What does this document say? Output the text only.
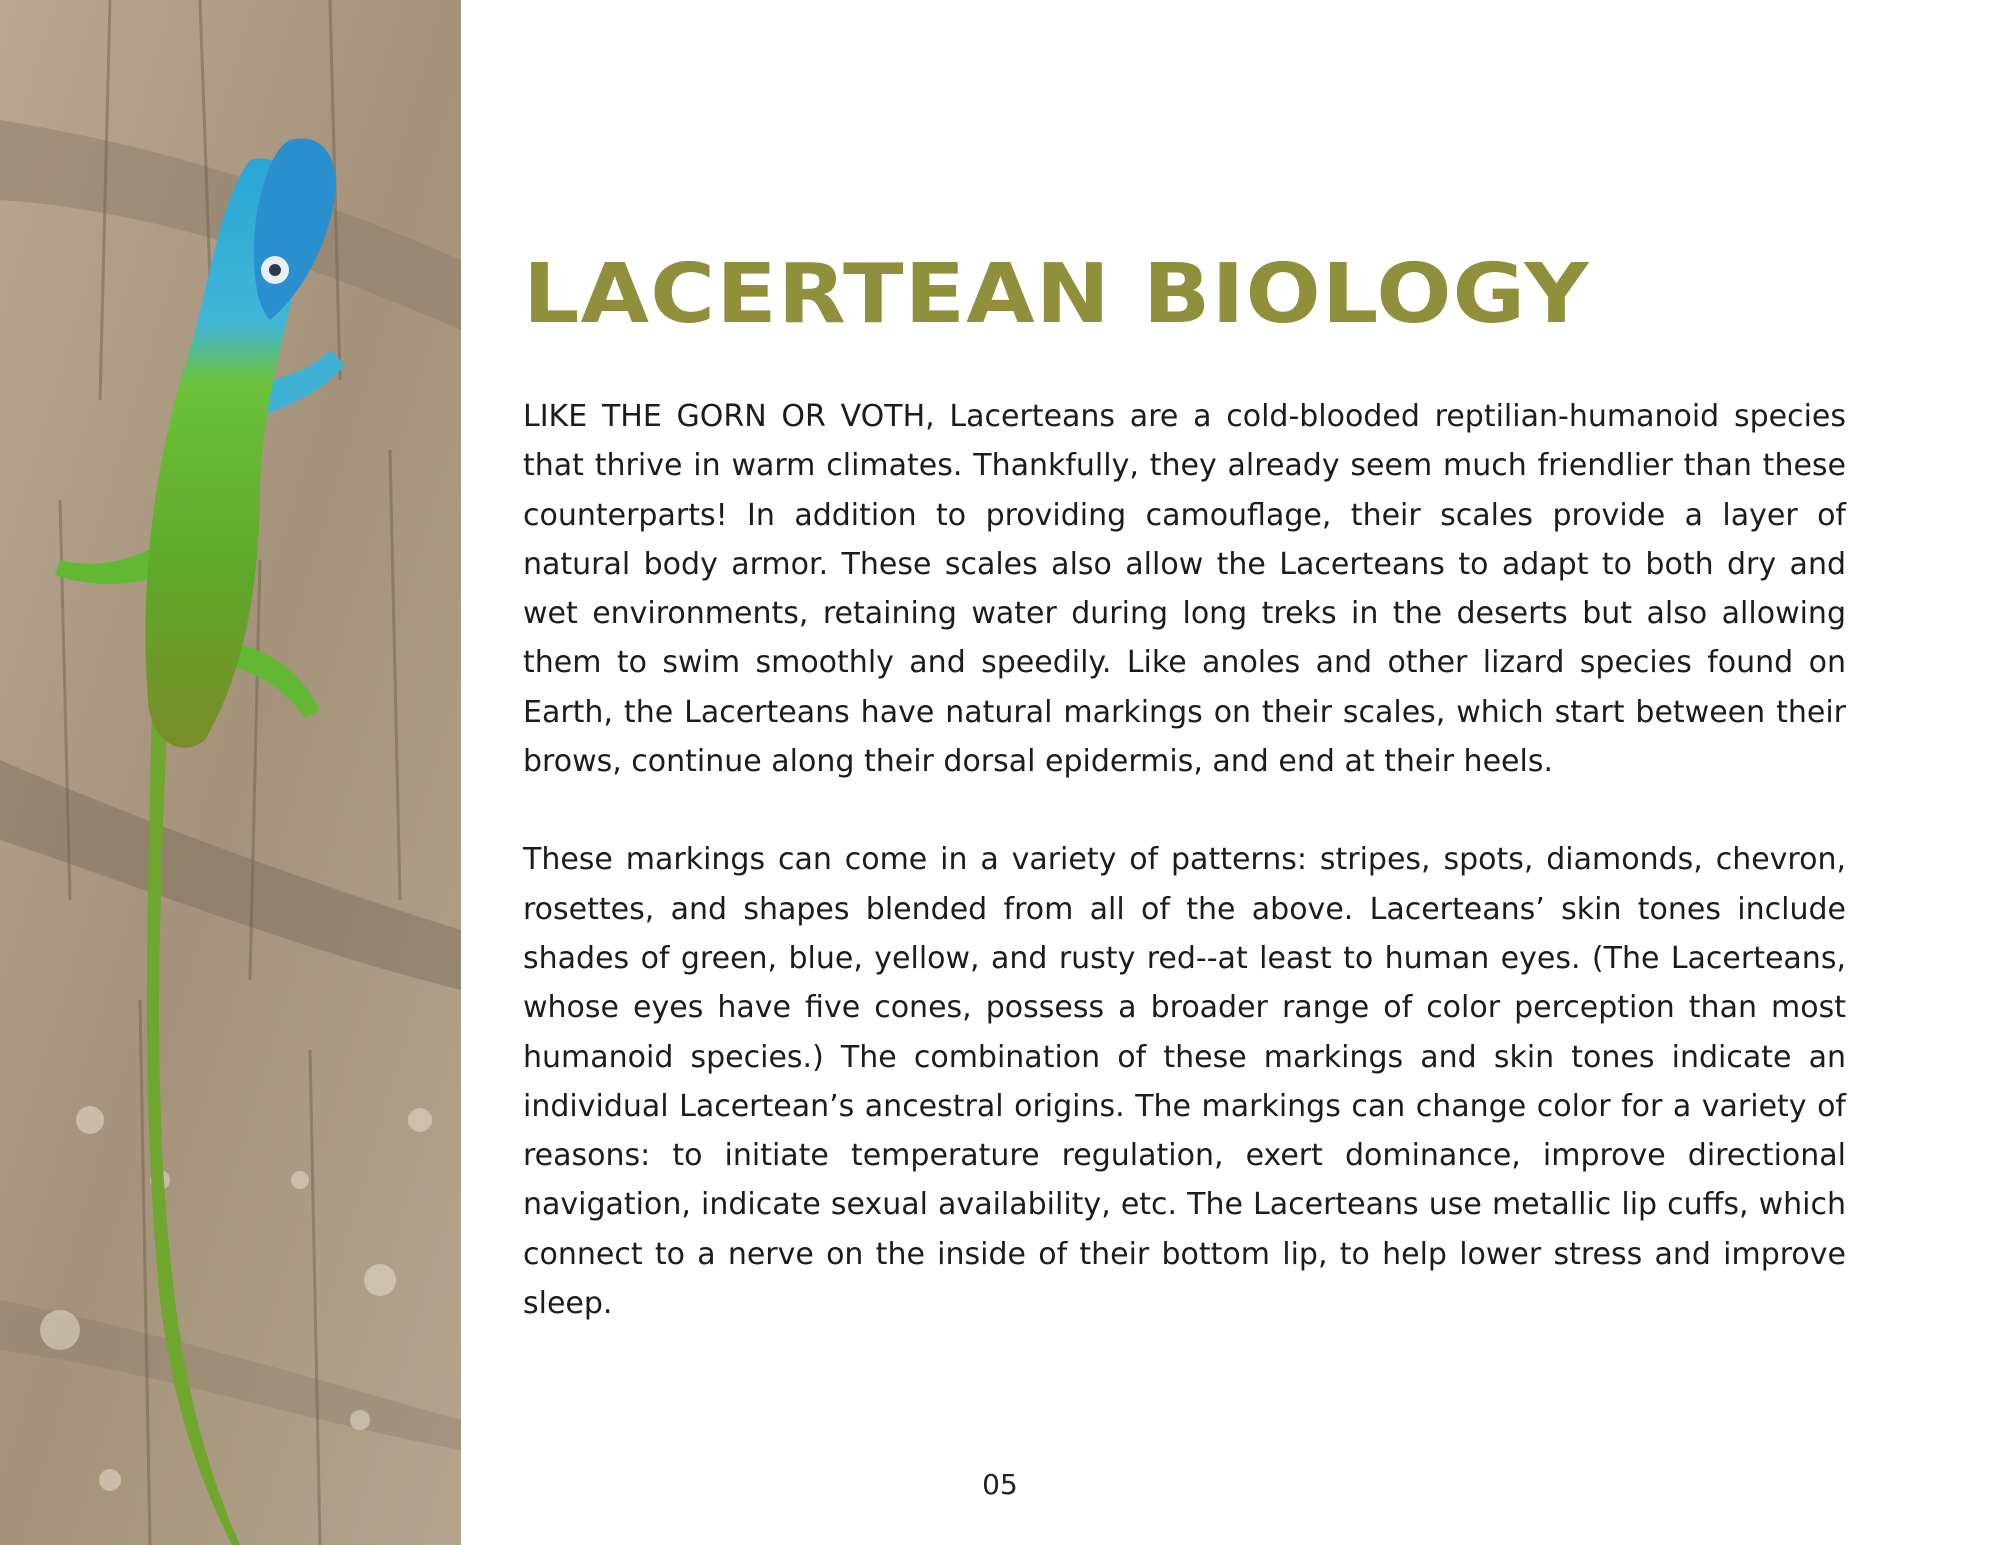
LACERTEAN BIOLOGY

LIKE THE GORN OR VOTH, Lacerteans are a cold-blooded reptilian-humanoid species that thrive in warm climates. Thankfully, they already seem much friendlier than these counterparts! In addition to providing camouflage, their scales provide a layer of natural body armor. These scales also allow the Lacerteans to adapt to both dry and wet environments, retaining water during long treks in the deserts but also allowing them to swim smoothly and speedily. Like anoles and other lizard species found on Earth, the Lacerteans have natural markings on their scales, which start between their brows, continue along their dorsal epidermis, and end at their heels.

These markings can come in a variety of patterns: stripes, spots, diamonds, chevron, rosettes, and shapes blended from all of the above. Lacerteans’ skin tones include shades of green, blue, yellow, and rusty red--at least to human eyes. (The Lacerteans, whose eyes have five cones, possess a broader range of color perception than most humanoid species.) The combination of these markings and skin tones indicate an individual Lacertean’s ancestral origins. The markings can change color for a variety of reasons: to initiate temperature regulation, exert dominance, improve directional navigation, indicate sexual availability, etc. The Lacerteans use metallic lip cuffs, which connect to a nerve on the inside of their bottom lip, to help lower stress and improve sleep.

05
